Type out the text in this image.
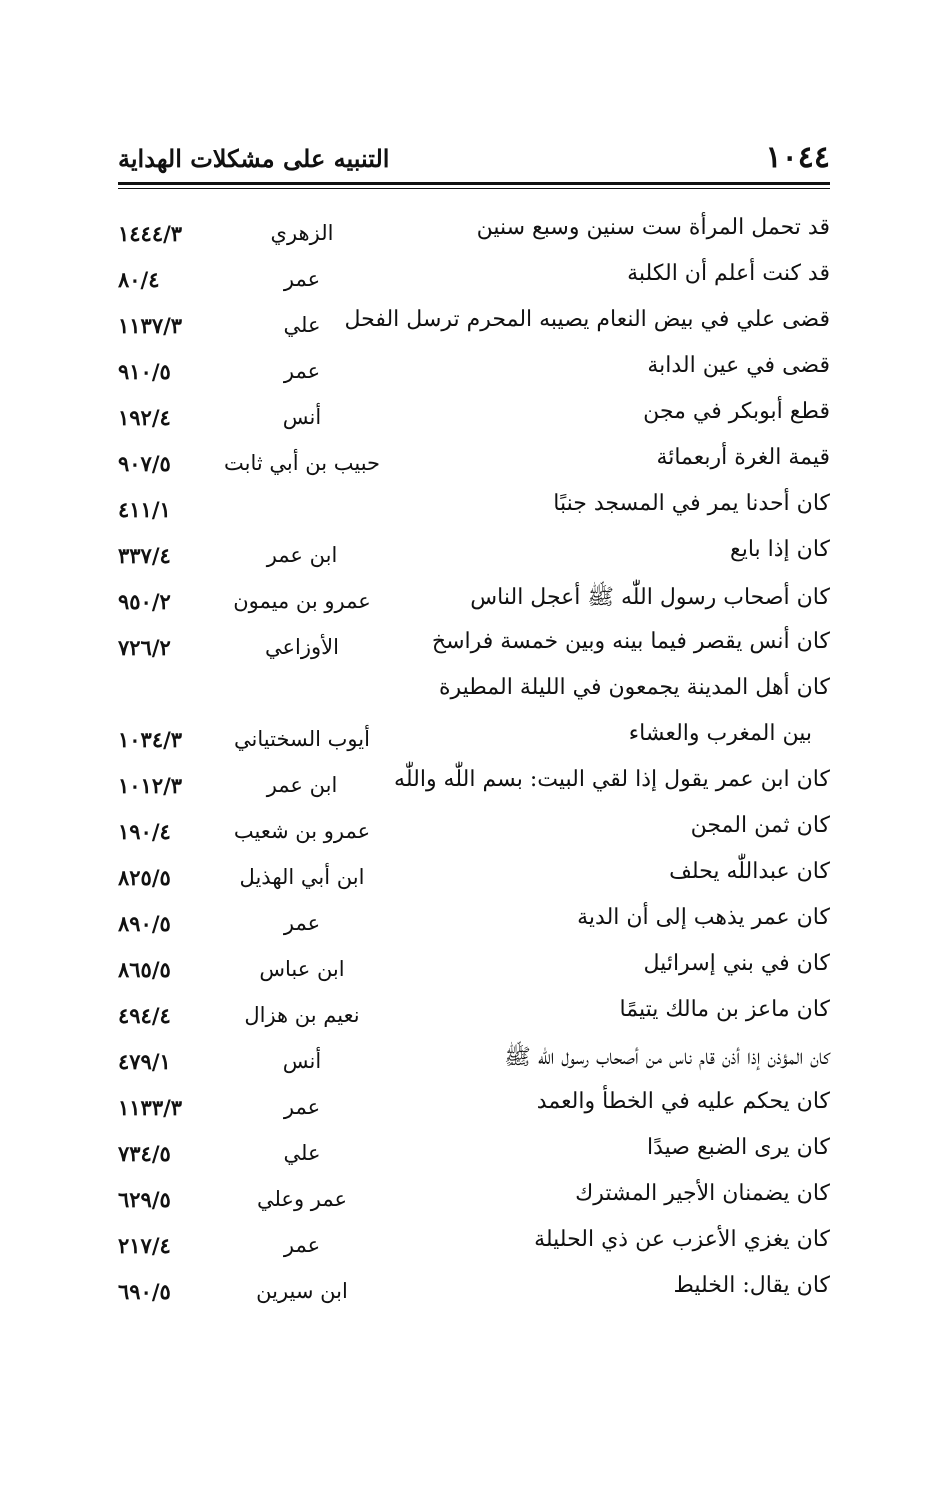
١٠٤٤
التنبيه على مشكلات الهداية
قد تحمل المرأة ست سنين وسبع سنين
الزهري
١٤٤٤/٣
قد كنت أعلم أن الكلبة
عمر
٨٠/٤
قضى علي في بيض النعام يصيبه المحرم ترسل الفحل
علي
١١٣٧/٣
قضى في عين الدابة
عمر
٩١٠/٥
قطع أبوبكر في مجن
أنس
١٩٢/٤
قيمة الغرة أربعمائة
حبيب بن أبي ثابت
٩٠٧/٥
كان أحدنا يمر في المسجد جنبًا
٤١١/١
كان إذا بايع
ابن عمر
٣٣٧/٤
كان أصحاب رسول اللّٰه ﷺ أعجل الناس
عمرو بن ميمون
٩٥٠/٢
كان أنس يقصر فيما بينه وبين خمسة فراسخ
الأوزاعي
٧٢٦/٢
كان أهل المدينة يجمعون في الليلة المطيرة
بين المغرب والعشاء
أيوب السختياني
١٠٣٤/٣
كان ابن عمر يقول إذا لقي البيت: بسم اللّٰه واللّٰه
ابن عمر
١٠١٢/٣
كان ثمن المجن
عمرو بن شعيب
١٩٠/٤
كان عبداللّٰه يحلف
ابن أبي الهذيل
٨٢٥/٥
كان عمر يذهب إلى أن الدية
عمر
٨٩٠/٥
كان في بني إسرائيل
ابن عباس
٨٦٥/٥
كان ماعز بن مالك يتيمًا
نعيم بن هزال
٤٩٤/٤
كان المؤذن إذا أذن قام ناس من أصحاب رسول اللّٰه ﷺ
أنس
٤٧٩/١
كان يحكم عليه في الخطأ والعمد
عمر
١١٣٣/٣
كان يرى الضبع صيدًا
علي
٧٣٤/٥
كان يضمنان الأجير المشترك
عمر وعلي
٦٢٩/٥
كان يغزي الأعزب عن ذي الحليلة
عمر
٢١٧/٤
كان يقال: الخليط
ابن سيرين
٦٩٠/٥
